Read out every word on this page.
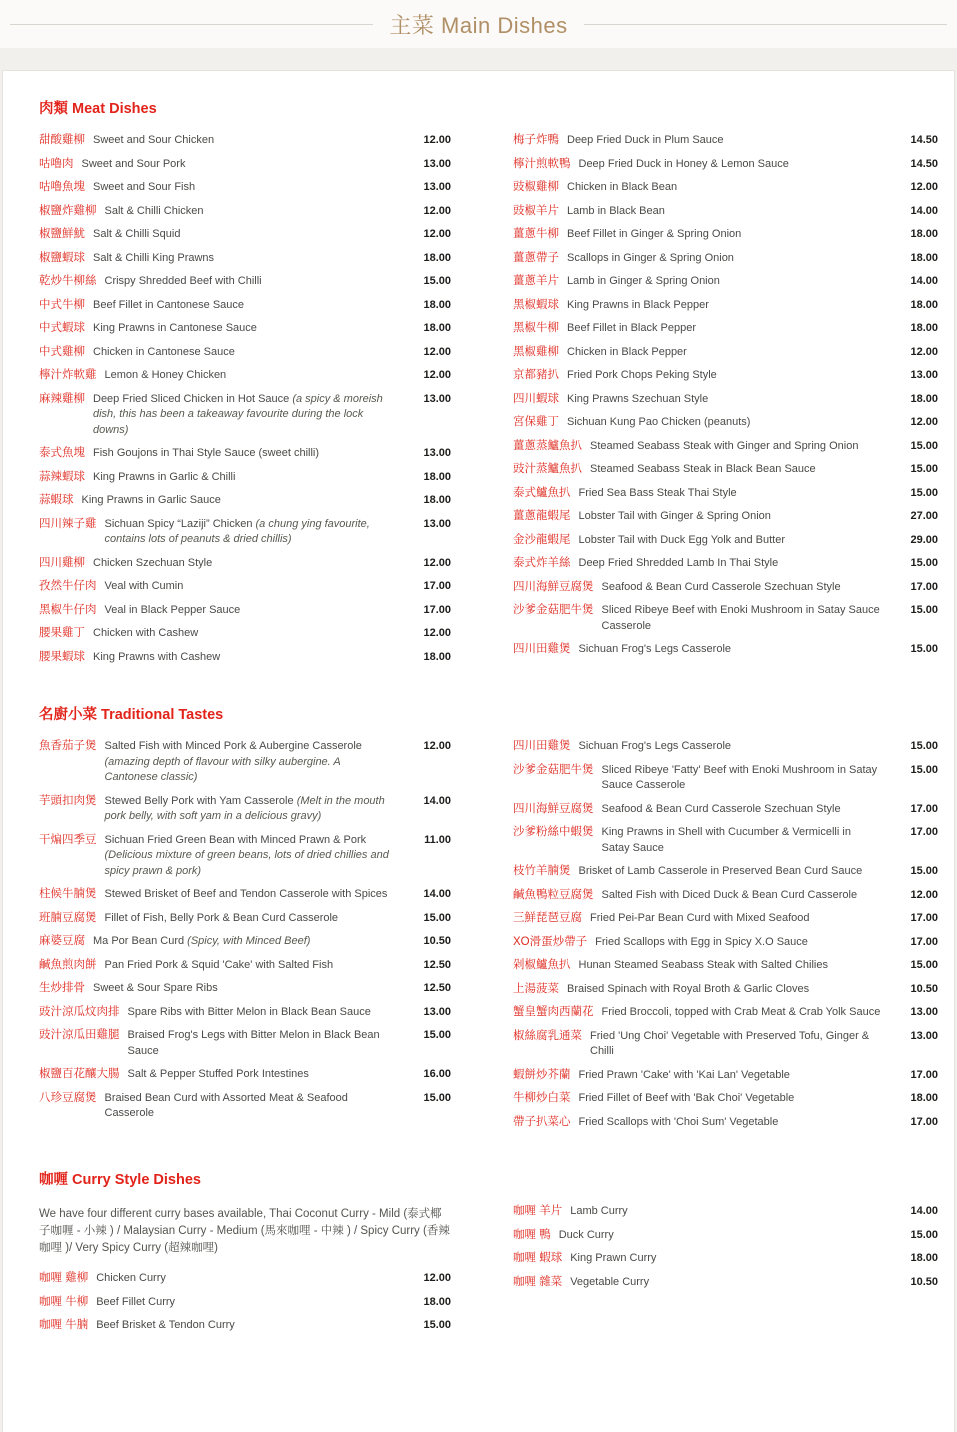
主菜 Main Dishes
肉類 Meat Dishes
甜酸雞柳 Sweet and Sour Chicken	12.00
咕嚕肉 Sweet and Sour Pork	13.00
咕嚕魚塊 Sweet and Sour Fish	13.00
椒鹽炸雞柳 Salt & Chilli Chicken	12.00
椒鹽鮮魷 Salt & Chilli Squid	12.00
椒鹽蝦球 Salt & Chilli King Prawns	18.00
乾炒牛柳絲 Crispy Shredded Beef with Chilli	15.00
中式牛柳 Beef Fillet in Cantonese Sauce	18.00
中式蝦球 King Prawns in Cantonese Sauce	18.00
中式雞柳 Chicken in Cantonese Sauce	12.00
檸汁炸軟雞 Lemon & Honey Chicken	12.00
麻辣雞柳 Deep Fried Sliced Chicken in Hot Sauce (a spicy & moreish dish, this has been a takeaway favourite during the lock downs)
13.00
泰式魚塊 Fish Goujons in Thai Style Sauce (sweet chilli)	13.00
蒜辣蝦球 King Prawns in Garlic & Chilli	18.00
蒜蝦球 King Prawns in Garlic Sauce	18.00
四川辣子雞 Sichuan Spicy “Laziji” Chicken (a chung ying favourite, contains lots of peanuts & dried chillis)
13.00
四川雞柳 Chicken Szechuan Style	12.00
孜然牛仔肉 Veal with Cumin	17.00
黑椒牛仔肉 Veal in Black Pepper Sauce	17.00
腰果雞丁 Chicken with Cashew	12.00
腰果蝦球 King Prawns with Cashew	18.00
梅子炸鴨 Deep Fried Duck in Plum Sauce	14.50
檸汁煎軟鴨 Deep Fried Duck in Honey & Lemon Sauce	14.50
豉椒雞柳 Chicken in Black Bean	12.00
豉椒羊片 Lamb in Black Bean	14.00
薑蔥牛柳 Beef Fillet in Ginger & Spring Onion	18.00
薑蔥帶子 Scallops in Ginger & Spring Onion	18.00
薑蔥羊片 Lamb in Ginger & Spring Onion	14.00
黑椒蝦球 King Prawns in Black Pepper	18.00
黑椒牛柳 Beef Fillet in Black Pepper	18.00
黑椒雞柳 Chicken in Black Pepper	12.00
京都豬扒 Fried Pork Chops Peking Style	13.00
四川蝦球 King Prawns Szechuan Style	18.00
宮保雞丁 Sichuan Kung Pao Chicken (peanuts)	12.00
薑蔥蒸鱸魚扒 Steamed Seabass Steak with Ginger and Spring Onion	15.00
豉汁蒸鱸魚扒 Steamed Seabass Steak in Black Bean Sauce	15.00
泰式鱸魚扒 Fried Sea Bass Steak Thai Style	15.00
薑蔥龍蝦尾 Lobster Tail with Ginger & Spring Onion	27.00
金沙龍蝦尾 Lobster Tail with Duck Egg Yolk and Butter	29.00
泰式炸羊絲 Deep Fried Shredded Lamb In Thai Style	15.00
四川海鮮豆腐煲 Seafood & Bean Curd Casserole Szechuan Style	17.00
沙爹金菇肥牛煲 Sliced Ribeye Beef with Enoki Mushroom in Satay Sauce Casserole
15.00
四川田雞煲 Sichuan Frog's Legs Casserole	15.00
名廚小菜 Traditional Tastes
魚香茄子煲 Salted Fish with Minced Pork & Aubergine Casserole (amazing depth of flavour with silky aubergine. A Cantonese classic)
12.00
芋頭扣肉煲 Stewed Belly Pork with Yam Casserole (Melt in the mouth pork belly, with soft yam in a delicious gravy)
14.00
干煸四季豆 Sichuan Fried Green Bean with Minced Prawn & Pork (Delicious mixture of green beans, lots of dried chillies and spicy prawn & pork)
11.00
柱候牛腩煲 Stewed Brisket of Beef and Tendon Casserole with Spices	14.00
班腩豆腐煲 Fillet of Fish, Belly Pork & Bean Curd Casserole	15.00
麻婆豆腐 Ma Por Bean Curd (Spicy, with Minced Beef)	10.50
鹹魚煎肉餅 Pan Fried Pork & Squid 'Cake' with Salted Fish	12.50
生炒排骨 Sweet & Sour Spare Ribs	12.50
豉汁涼瓜炆肉排 Spare Ribs with Bitter Melon in Black Bean Sauce	13.00
豉汁涼瓜田雞腿 Braised Frog's Legs with Bitter Melon in Black Bean Sauce
15.00
椒鹽百花釀大腸 Salt & Pepper Stuffed Pork Intestines	16.00
八珍豆腐煲 Braised Bean Curd with Assorted Meat & Seafood Casserole
15.00
四川田雞煲 Sichuan Frog's Legs Casserole	15.00
沙爹金菇肥牛煲 Sliced Ribeye 'Fatty' Beef with Enoki Mushroom in Satay Sauce Casserole
15.00
四川海鮮豆腐煲 Seafood & Bean Curd Casserole Szechuan Style	17.00
沙爹粉絲中蝦煲 King Prawns in Shell with Cucumber & Vermicelli in Satay Sauce
17.00
枝竹羊腩煲 Brisket of Lamb Casserole in Preserved Bean Curd Sauce	15.00
鹹魚鴨粒豆腐煲 Salted Fish with Diced Duck & Bean Curd Casserole	12.00
三鮮琵琶豆腐 Fried Pei-Par Bean Curd with Mixed Seafood	17.00
XO滑蛋炒帶子 Fried Scallops with Egg in Spicy X.O Sauce	17.00
剁椒鱸魚扒 Hunan Steamed Seabass Steak with Salted Chilies	15.00
上湯菠菜 Braised Spinach with Royal Broth & Garlic Cloves	10.50
蟹皇蟹肉西蘭花 Fried Broccoli, topped with Crab Meat & Crab Yolk Sauce	13.00
椒絲腐乳通菜 Fried 'Ung Choi' Vegetable with Preserved Tofu, Ginger & Chilli
13.00
蝦餅炒芥蘭 Fried Prawn 'Cake' with 'Kai Lan' Vegetable	17.00
牛柳炒白菜 Fried Fillet of Beef with 'Bak Choi' Vegetable	18.00
帶子扒菜心 Fried Scallops with 'Choi Sum' Vegetable	17.00
咖喱 Curry Style Dishes

We have four different curry bases available, Thai Coconut Curry - Mild (泰式椰子咖喱 - 小辣 ) / Malaysian Curry - Medium (馬來咖哩 - 中辣 ) / Spicy Curry (香辣咖哩 )/ Very Spicy Curry (超辣咖哩)

咖喱 雞柳 Chicken Curry	12.00
咖喱 牛柳 Beef Fillet Curry	18.00
咖喱 牛腩 Beef Brisket & Tendon Curry	15.00
咖喱 羊片 Lamb Curry	14.00
咖喱 鴨 Duck Curry	15.00
咖喱 蝦球 King Prawn Curry	18.00
咖喱 雜菜 Vegetable Curry	10.50
